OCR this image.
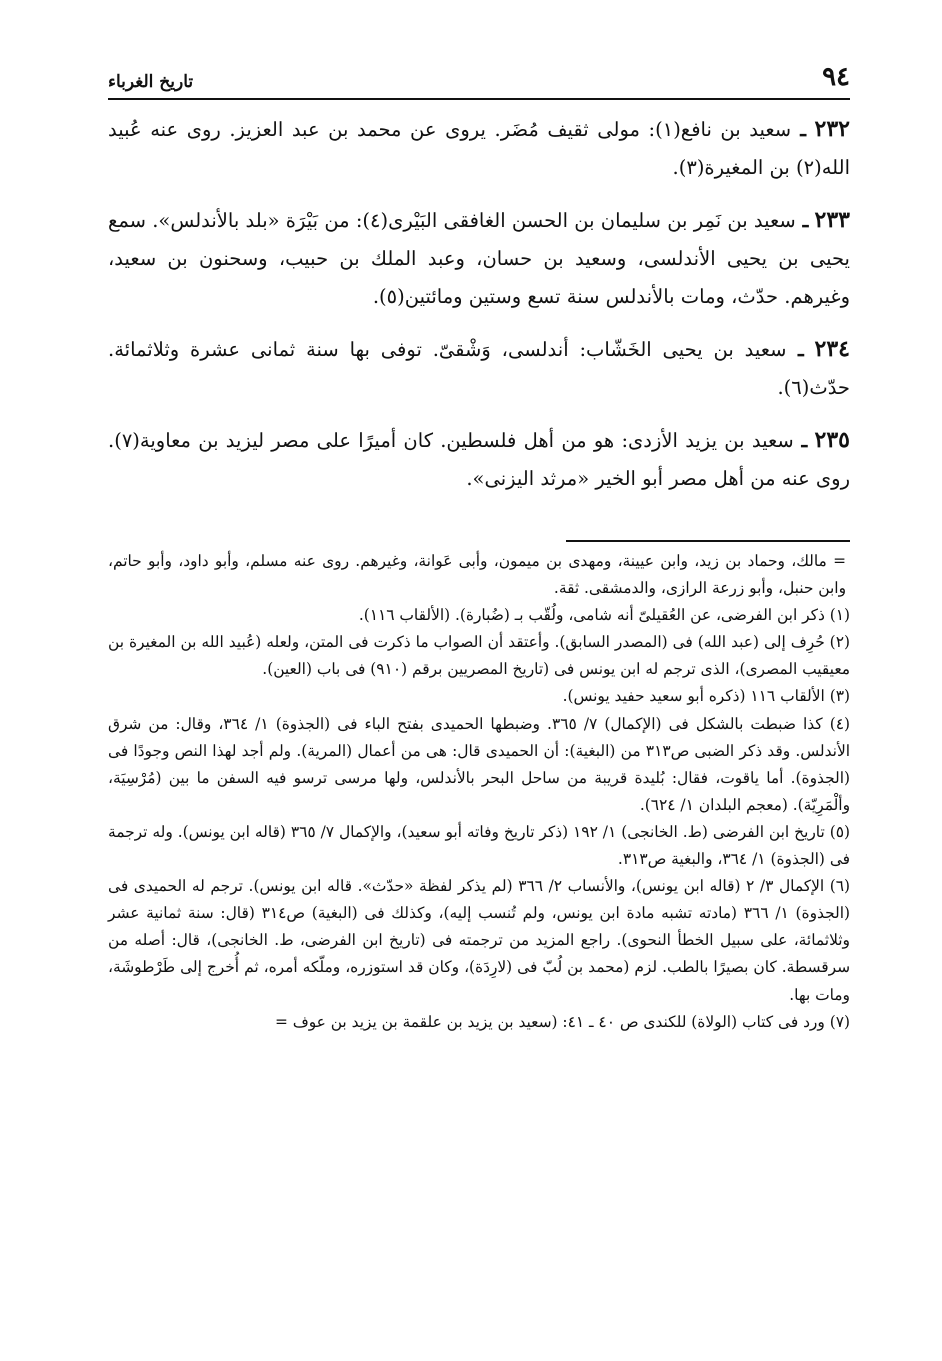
٩٤
تاريخ الغرباء

٢٣٢ ـ سعيد بن نافع(١): مولى ثقيف مُضَر. يروى عن محمد بن عبد العزيز. روى عنه عُبيد الله(٢) بن المغيرة(٣).

٢٣٣ ـ سعيد بن نَمِر بن سليمان بن الحسن الغافقى البَيْرى(٤): من بَيْرَة «بلد بالأندلس». سمع يحيى بن يحيى الأندلسى، وسعيد بن حسان، وعبد الملك بن حبيب، وسحنون بن سعيد، وغيرهم. حدّث، ومات بالأندلس سنة تسع وستين ومائتين(٥).

٢٣٤ ـ سعيد بن يحيى الخَشّاب: أندلسى، وَشْقىّ. توفى بها سنة ثمانى عشرة وثلاثمائة. حدّث(٦).

٢٣٥ ـ سعيد بن يزيد الأزدى: هو من أهل فلسطين. كان أميرًا على مصر ليزيد بن معاوية(٧). روى عنه من أهل مصر أبو الخير «مرثد اليزنى».

= مالك، وحماد بن زيد، وابن عيينة، ومهدى بن ميمون، وأبى عَوانة، وغيرهم. روى عنه مسلم، وأبو داود، وأبو حاتم، وابن حنبل، وأبو زرعة الرازى، والدمشقى. ثقة.

(١) ذكر ابن الفرضى، عن العُقيلىّ أنه شامى، ولُقّب بـ (ضُبارة). (الألقاب ١١٦).

(٢) حُرِف إلى (عبد الله) فى (المصدر السابق). وأعتقد أن الصواب ما ذكرت فى المتن، ولعله (عُبيد الله بن المغيرة بن معيقيب المصرى)، الذى ترجم له ابن يونس فى (تاريخ المصريين برقم (٩١٠) فى باب (العين).

(٣) الألقاب ١١٦ (ذكره أبو سعيد حفيد يونس).

(٤) كذا ضبطت بالشكل فى (الإكمال) ٧/ ٣٦٥. وضبطها الحميدى بفتح الباء فى (الجذوة) ١/ ٣٦٤، وقال: من شرق الأندلس. وقد ذكر الضبى ص٣١٣ من (البغية): أن الحميدى قال: هى من أعمال (المرية). ولم أجد لهذا النص وجودًا فى (الجذوة). أما ياقوت، فقال: بُليدة قريبة من ساحل البحر بالأندلس، ولها مرسى ترسو فيه السفن ما بين (مُرْسِيَة، وألْمَرِيّة). (معجم البلدان ١/ ٦٢٤).

(٥) تاريخ ابن الفرضى (ط. الخانجى) ١/ ١٩٢ (ذكر تاريخ وفاته أبو سعيد)، والإكمال ٧/ ٣٦٥ (قاله ابن يونس). وله ترجمة فى (الجذوة) ١/ ٣٦٤، والبغية ص٣١٣.

(٦) الإكمال ٣/ ٢ (قاله ابن يونس)، والأنساب ٢/ ٣٦٦ (لم يذكر لفظة «حدّث». قاله ابن يونس). ترجم له الحميدى فى (الجذوة) ١/ ٣٦٦ (مادته تشبه مادة ابن يونس، ولم تُنسب إليه)، وكذلك فى (البغية) ص٣١٤ (قال: سنة ثمانية عشر وثلاثمائة، على سبيل الخطأ النحوى). راجع المزيد من ترجمته فى (تاريخ ابن الفرضى، ط. الخانجى)، قال: أصله من سرقسطة. كان بصيرًا بالطب. لزم (محمد بن لُبّ فى (لارِدَة)، وكان قد استوزره، وملّكه أمره، ثم أُخرج إلى طَرْطوشَة، ومات بها.

(٧) ورد فى كتاب (الولاة) للكندى ص ٤٠ ـ ٤١: (سعيد بن يزيد بن علقمة بن يزيد بن عوف =
